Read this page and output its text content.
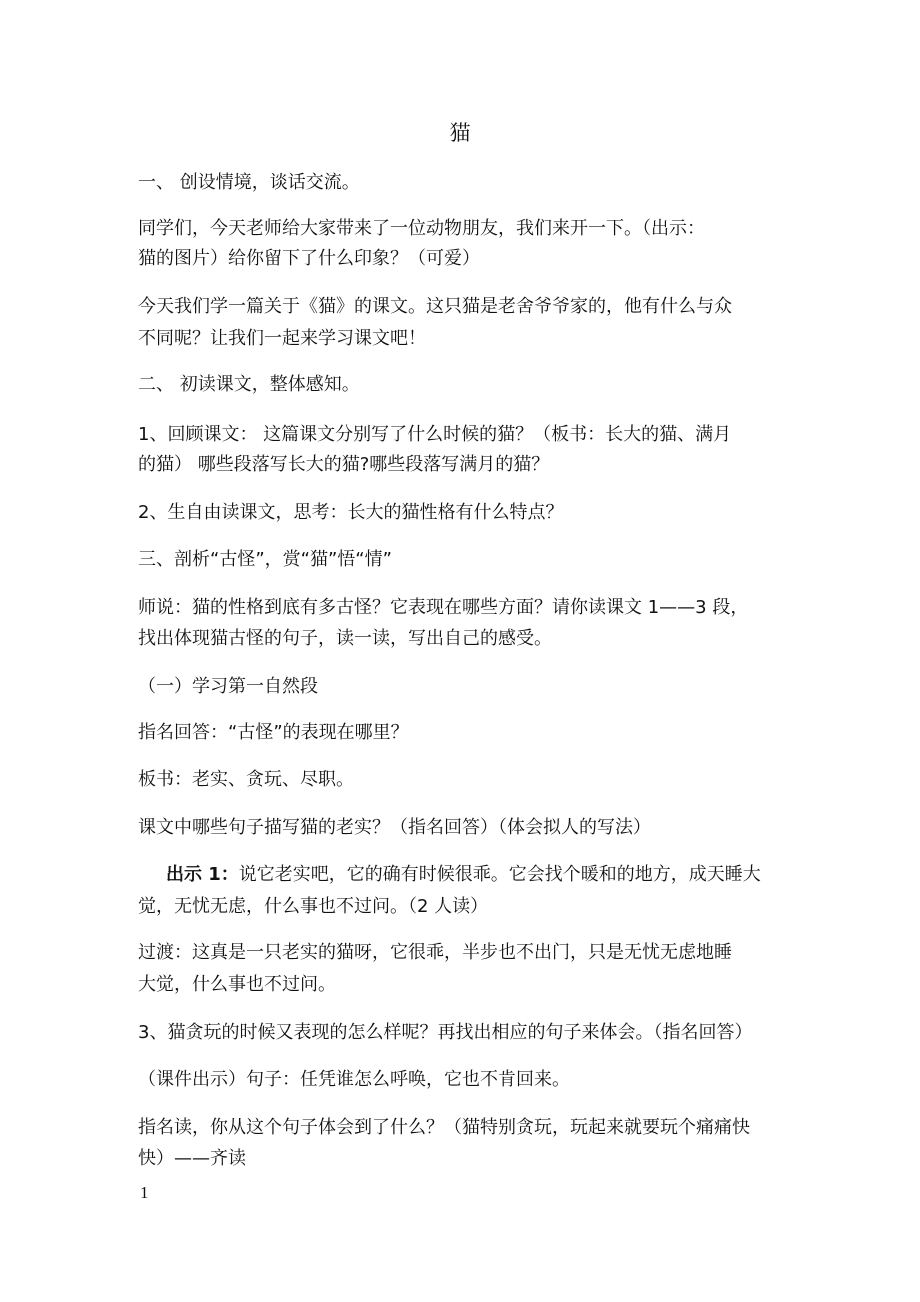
猫
一、 创设情境，谈话交流。
同学们，今天老师给大家带来了一位动物朋友，我们来开一下。（出示：
猫的图片）给你留下了什么印象？（可爱）
今天我们学一篇关于《猫》的课文。这只猫是老舍爷爷家的，他有什么与众
不同呢？让我们一起来学习课文吧！
二、 初读课文，整体感知。
1、回顾课文： 这篇课文分别写了什么时候的猫？（板书：长大的猫、满月
的猫） 哪些段落写长大的猫?哪些段落写满月的猫？
2、生自由读课文，思考：长大的猫性格有什么特点？
三、剖析“古怪”，赏“猫”悟“情”
师说：猫的性格到底有多古怪？它表现在哪些方面？请你读课文 1——3 段，
找出体现猫古怪的句子，读一读，写出自己的感受。
（一）学习第一自然段
指名回答：“古怪”的表现在哪里？
板书：老实、贪玩、尽职。
课文中哪些句子描写猫的老实？（指名回答）（体会拟人的写法）
出示 1：说它老实吧，它的确有时候很乖。它会找个暖和的地方，成天睡大
觉，无忧无虑，什么事也不过问。（2 人读）
过渡：这真是一只老实的猫呀，它很乖，半步也不出门，只是无忧无虑地睡
大觉，什么事也不过问。
3、猫贪玩的时候又表现的怎么样呢？再找出相应的句子来体会。（指名回答）
（课件出示）句子：任凭谁怎么呼唤，它也不肯回来。
指名读，你从这个句子体会到了什么？（猫特别贪玩，玩起来就要玩个痛痛快
快）——齐读
1
